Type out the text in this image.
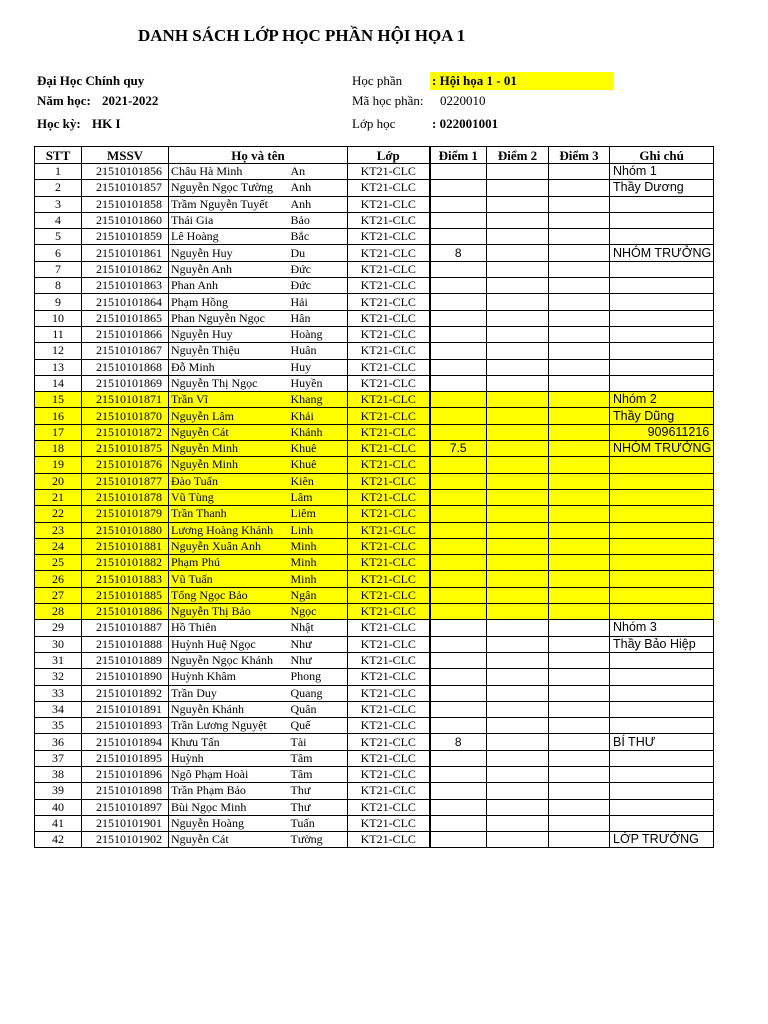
DANH SÁCH LỚP HỌC PHẦN HỘI HỌA 1
Đại Học Chính quy
Năm học: 2021-2022
Học kỳ: HK I
Học phần : Hội họa 1 - 01
Mã học phần: 0220010
Lớp học	: 022001001
STT	MSSV	Họ và tên		Lớp	Điểm 1	Điểm 2	Điểm 3	Ghi chú
1	21510101856	Châu Hà Minh	An	KT21-CLC				Nhóm 1
2	21510101857	Nguyễn Ngọc Tường	Anh	KT21-CLC				Thầy Dương
3	21510101858	Trầm Nguyễn Tuyết	Anh	KT21-CLC				
4	21510101860	Thái Gia	Bảo	KT21-CLC				
5	21510101859	Lê Hoàng	Bắc	KT21-CLC				
6	21510101861	Nguyễn Huy	Du	KT21-CLC	8			NHÓM TRƯỞNG
7	21510101862	Nguyễn Anh	Đức	KT21-CLC				
8	21510101863	Phan Anh	Đức	KT21-CLC				
9	21510101864	Phạm Hồng	Hải	KT21-CLC				
10	21510101865	Phan Nguyễn Ngọc	Hân	KT21-CLC				
11	21510101866	Nguyễn Huy	Hoàng	KT21-CLC				
12	21510101867	Nguyễn Thiệu	Huân	KT21-CLC				
13	21510101868	Đỗ Minh	Huy	KT21-CLC				
14	21510101869	Nguyễn Thị Ngọc	Huyền	KT21-CLC				
15	21510101871	Trần Vĩ	Khang	KT21-CLC				Nhóm 2
16	21510101870	Nguyễn Lâm	Khải	KT21-CLC				Thầy Dũng
17	21510101872	Nguyễn Cát	Khánh	KT21-CLC				909611216
18	21510101875	Nguyễn Minh	Khuê	KT21-CLC	7.5			NHÓM TRƯỞNG
19	21510101876	Nguyễn Minh	Khuê	KT21-CLC				
20	21510101877	Đào Tuấn	Kiên	KT21-CLC				
21	21510101878	Vũ Tùng	Lâm	KT21-CLC				
22	21510101879	Trần Thanh	Liêm	KT21-CLC				
23	21510101880	Lương Hoàng Khánh	Linh	KT21-CLC				
24	21510101881	Nguyễn Xuân Anh	Minh	KT21-CLC				
25	21510101882	Phạm Phú	Minh	KT21-CLC				
26	21510101883	Vũ Tuấn	Minh	KT21-CLC				
27	21510101885	Tống Ngọc Bảo	Ngân	KT21-CLC				
28	21510101886	Nguyễn Thị Bảo	Ngọc	KT21-CLC				
29	21510101887	Hồ Thiên	Nhật	KT21-CLC				Nhóm 3
30	21510101888	Huỳnh Huệ Ngọc	Như	KT21-CLC				Thầy Bảo Hiệp
31	21510101889	Nguyễn Ngọc Khánh	Như	KT21-CLC				
32	21510101890	Huỳnh Khâm	Phong	KT21-CLC				
33	21510101892	Trần Duy	Quang	KT21-CLC				
34	21510101891	Nguyễn Khánh	Quân	KT21-CLC				
35	21510101893	Trần Lương Nguyệt	Quế	KT21-CLC				
36	21510101894	Khưu Tấn	Tài	KT21-CLC	8			BÍ THƯ
37	21510101895	Huỳnh	Tâm	KT21-CLC				
38	21510101896	Ngô Phạm Hoài	Tâm	KT21-CLC				
39	21510101898	Trần Phạm Bảo	Thư	KT21-CLC				
40	21510101897	Bùi Ngọc Minh	Thư	KT21-CLC				
41	21510101901	Nguyễn Hoàng	Tuấn	KT21-CLC				
42	21510101902	Nguyễn Cát	Tường	KT21-CLC				LỚP TRƯỞNG
